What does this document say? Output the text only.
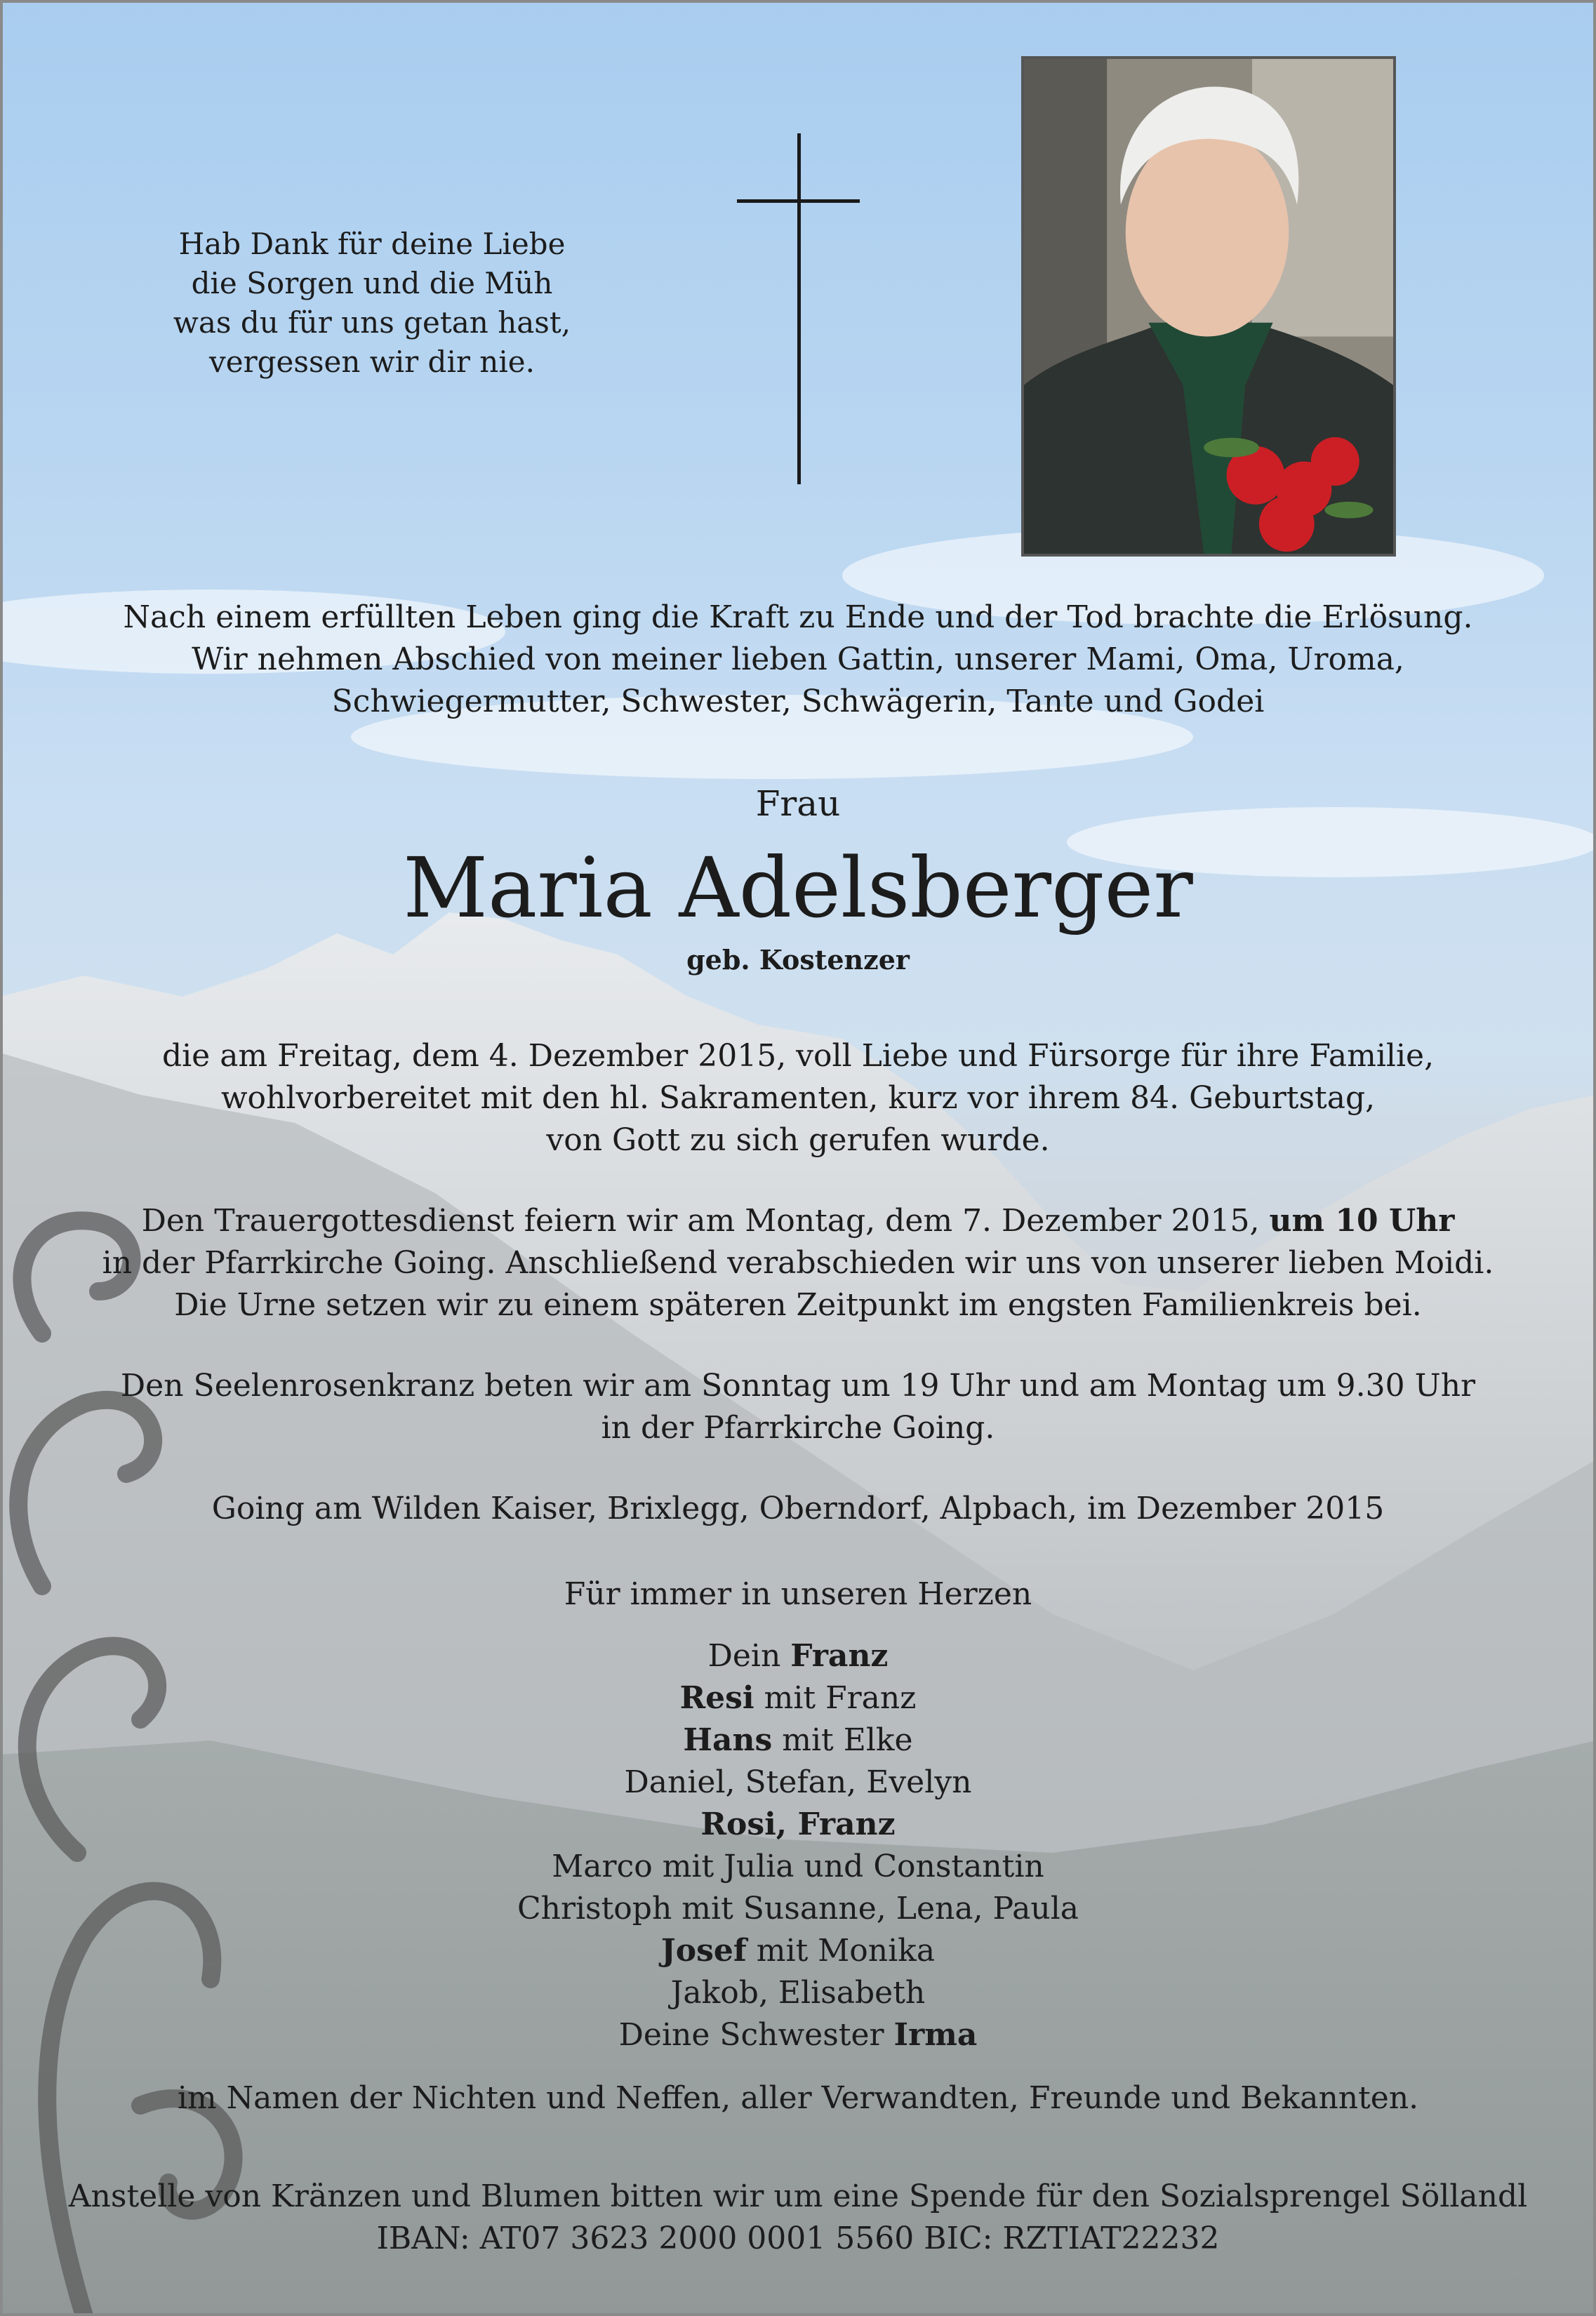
Hab Dank für deine Liebe
die Sorgen und die Müh
was du für uns getan hast,
vergessen wir dir nie.
Nach einem erfüllten Leben ging die Kraft zu Ende und der Tod brachte die Erlösung.
Wir nehmen Abschied von meiner lieben Gattin, unserer Mami, Oma, Uroma,
Schwiegermutter, Schwester, Schwägerin, Tante und Godei
Frau
Maria Adelsberger
geb. Kostenzer
die am Freitag, dem 4. Dezember 2015, voll Liebe und Fürsorge für ihre Familie,
wohlvorbereitet mit den hl. Sakramenten, kurz vor ihrem 84. Geburtstag,
von Gott zu sich gerufen wurde.
Den Trauergottesdienst feiern wir am Montag, dem 7. Dezember 2015, um 10 Uhr
in der Pfarrkirche Going. Anschließend verabschieden wir uns von unserer lieben Moidi.
Die Urne setzen wir zu einem späteren Zeitpunkt im engsten Familienkreis bei.
Den Seelenrosenkranz beten wir am Sonntag um 19 Uhr und am Montag um 9.30 Uhr
in der Pfarrkirche Going.
Going am Wilden Kaiser, Brixlegg, Oberndorf, Alpbach, im Dezember 2015
Für immer in unseren Herzen
Dein Franz
Resi mit Franz
Hans mit Elke
Daniel, Stefan, Evelyn
Rosi, Franz
Marco mit Julia und Constantin
Christoph mit Susanne, Lena, Paula
Josef mit Monika
Jakob, Elisabeth
Deine Schwester Irma
im Namen der Nichten und Neffen, aller Verwandten, Freunde und Bekannten.
Anstelle von Kränzen und Blumen bitten wir um eine Spende für den Sozialsprengel Söllandl
IBAN: AT07 3623 2000 0001 5560 BIC: RZTIAT22232
